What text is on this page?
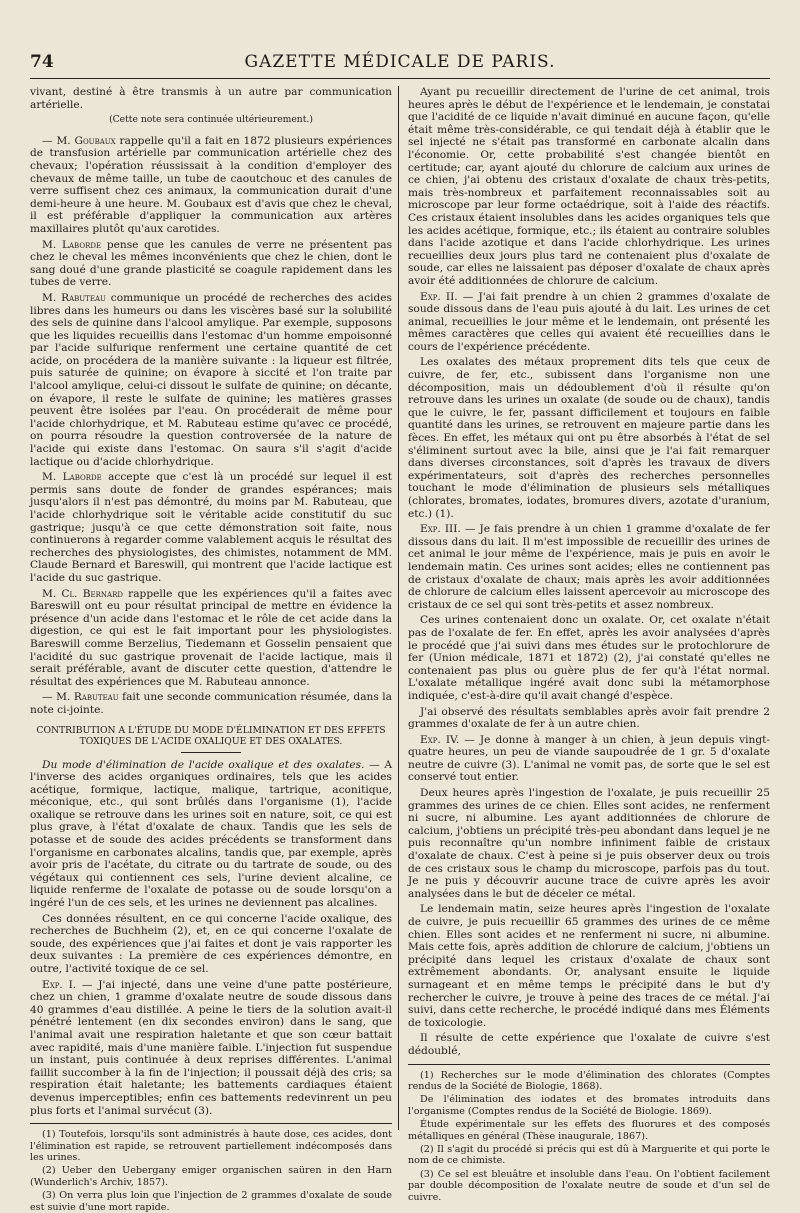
74	GAZETTE MÉDICALE DE PARIS.

vivant, destiné à être transmis à un autre par communication artérielle.

(Cette note sera continuée ultérieurement.)

— M. Goubaux rappelle qu'il a fait en 1872 plusieurs expériences de transfusion artérielle par communication artérielle chez des chevaux; l'opération réussissait à la condition d'employer des chevaux de même taille, un tube de caoutchouc et des canules de verre suffisent chez ces animaux, la communication durait d'une demi-heure à une heure. M. Goubaux est d'avis que chez le cheval, il est préférable d'appliquer la communication aux artères maxillaires plutôt qu'aux carotides.

M. Laborde pense que les canules de verre ne présentent pas chez le cheval les mêmes inconvénients que chez le chien, dont le sang doué d'une grande plasticité se coagule rapidement dans les tubes de verre.

M. Rabuteau communique un procédé de recherches des acides libres dans les humeurs ou dans les viscères basé sur la solubilité des sels de quinine dans l'alcool amylique. Par exemple, supposons que les liquides recueillis dans l'estomac d'un homme empoisonné par l'acide sulfurique renferment une certaine quantité de cet acide, on procédera de la manière suivante : la liqueur est filtrée, puis saturée de quinine; on évapore à siccité et l'on traite par l'alcool amylique, celui-ci dissout le sulfate de quinine; on décante, on évapore, il reste le sulfate de quinine; les matières grasses peuvent être isolées par l'eau. On procéderait de même pour l'acide chlorhydrique, et M. Rabuteau estime qu'avec ce procédé, on pourra résoudre la question controversée de la nature de l'acide qui existe dans l'estomac. On saura s'il s'agit d'acide lactique ou d'acide chlorhydrique.

M. Laborde accepte que c'est là un procédé sur lequel il est permis sans doute de fonder de grandes espérances; mais jusqu'alors il n'est pas démontré, du moins par M. Rabuteau, que l'acide chlorhydrique soit le véritable acide constitutif du suc gastrique; jusqu'à ce que cette démonstration soit faite, nous continuerons à regarder comme valablement acquis le résultat des recherches des physiologistes, des chimistes, notamment de MM. Claude Bernard et Bareswill, qui montrent que l'acide lactique est l'acide du suc gastrique.

M. Cl. Bernard rappelle que les expériences qu'il a faites avec Bareswill ont eu pour résultat principal de mettre en évidence la présence d'un acide dans l'estomac et le rôle de cet acide dans la digestion, ce qui est le fait important pour les physiologistes. Bareswill comme Berzelius, Tiedemann et Gosselin pensaient que l'acidité du suc gastrique provenait de l'acide lactique, mais il serait préférable, avant de discuter cette question, d'attendre le résultat des expériences que M. Rabuteau annonce.

— M. Rabuteau fait une seconde communication résumée, dans la note ci-jointe.

CONTRIBUTION A L'ÉTUDE DU MODE D'ÉLIMINATION ET DES EFFETS TOXIQUES DE L'ACIDE OXALIQUE ET DES OXALATES.

Du mode d'élimination de l'acide oxalique et des oxalates. — A l'inverse des acides organiques ordinaires, tels que les acides acétique, formique, lactique, malique, tartrique, aconitique, méconique, etc., qui sont brûlés dans l'organisme (1), l'acide oxalique se retrouve dans les urines soit en nature, soit, ce qui est plus grave, à l'état d'oxalate de chaux. Tandis que les sels de potasse et de soude des acides précédents se transforment dans l'organisme en carbonates alcalins, tandis que, par exemple, après avoir pris de l'acétate, du citrate ou du tartrate de soude, ou des végétaux qui contiennent ces sels, l'urine devient alcaline, ce liquide renferme de l'oxalate de potasse ou de soude lorsqu'on a ingéré l'un de ces sels, et les urines ne deviennent pas alcalines.

Ces données résultent, en ce qui concerne l'acide oxalique, des recherches de Buchheim (2), et, en ce qui concerne l'oxalate de soude, des expériences que j'ai faites et dont je vais rapporter les deux suivantes : La première de ces expériences démontre, en outre, l'activité toxique de ce sel.

Exp. I. — J'ai injecté, dans une veine d'une patte postérieure, chez un chien, 1 gramme d'oxalate neutre de soude dissous dans 40 grammes d'eau distillée. A peine le tiers de la solution avait-il pénétré lentement (en dix secondes environ) dans le sang, que l'animal avait une respiration haletante et que son cœur battait avec rapidité, mais d'une manière faible. L'injection fut suspendue un instant, puis continuée à deux reprises différentes. L'animal faillit succomber à la fin de l'injection; il poussait déjà des cris; sa respiration était haletante; les battements cardiaques étaient devenus imperceptibles; enfin ces battements redevinrent un peu plus forts et l'animal survécut (3).

(1) Toutefois, lorsqu'ils sont administrés à haute dose, ces acides, dont l'élimination est rapide, se retrouvent partiellement indécomposés dans les urines.

(2) Ueber den Uebergany emiger organischen saüren in den Harn (Wunderlich's Archiv, 1857).

(3) On verra plus loin que l'injection de 2 grammes d'oxalate de soude est suivie d'une mort rapide.

Ayant pu recueillir directement de l'urine de cet animal, trois heures après le début de l'expérience et le lendemain, je constatai que l'acidité de ce liquide n'avait diminué en aucune façon, qu'elle était même très-considérable, ce qui tendait déjà à établir que le sel injecté ne s'était pas transformé en carbonate alcalin dans l'économie. Or, cette probabilité s'est changée bientôt en certitude; car, ayant ajouté du chlorure de calcium aux urines de ce chien, j'ai obtenu des cristaux d'oxalate de chaux très-petits, mais très-nombreux et parfaitement reconnaissables soit au microscope par leur forme octaédrique, soit à l'aide des réactifs. Ces cristaux étaient insolubles dans les acides organiques tels que les acides acétique, formique, etc.; ils étaient au contraire solubles dans l'acide azotique et dans l'acide chlorhydrique. Les urines recueillies deux jours plus tard ne contenaient plus d'oxalate de soude, car elles ne laissaient pas déposer d'oxalate de chaux après avoir été additionnées de chlorure de calcium.

Exp. II. — J'ai fait prendre à un chien 2 grammes d'oxalate de soude dissous dans de l'eau puis ajouté à du lait. Les urines de cet animal, recueillies le jour même et le lendemain, ont présenté les mêmes caractères que celles qui avaient été recueillies dans le cours de l'expérience précédente.

Les oxalates des métaux proprement dits tels que ceux de cuivre, de fer, etc., subissent dans l'organisme non une décomposition, mais un dédoublement d'où il résulte qu'on retrouve dans les urines un oxalate (de soude ou de chaux), tandis que le cuivre, le fer, passant difficilement et toujours en faible quantité dans les urines, se retrouvent en majeure partie dans les fèces. En effet, les métaux qui ont pu être absorbés à l'état de sel s'éliminent surtout avec la bile, ainsi que je l'ai fait remarquer dans diverses circonstances, soit d'après les travaux de divers expérimentateurs, soit d'après des recherches personnelles touchant le mode d'élimination de plusieurs sels métalliques (chlorates, bromates, iodates, bromures divers, azotate d'uranium, etc.) (1).

Exp. III. — Je fais prendre à un chien 1 gramme d'oxalate de fer dissous dans du lait. Il m'est impossible de recueillir des urines de cet animal le jour même de l'expérience, mais je puis en avoir le lendemain matin. Ces urines sont acides; elles ne contiennent pas de cristaux d'oxalate de chaux; mais après les avoir additionnées de chlorure de calcium elles laissent apercevoir au microscope des cristaux de ce sel qui sont très-petits et assez nombreux.

Ces urines contenaient donc un oxalate. Or, cet oxalate n'était pas de l'oxalate de fer. En effet, après les avoir analysées d'après le procédé que j'ai suivi dans mes études sur le protochlorure de fer (Union médicale, 1871 et 1872) (2), j'ai constaté qu'elles ne contenaient pas plus ou guère plus de fer qu'à l'état normal. L'oxalate métallique ingéré avait donc subi la métamorphose indiquée, c'est-à-dire qu'il avait changé d'espèce.

J'ai observé des résultats semblables après avoir fait prendre 2 grammes d'oxalate de fer à un autre chien.

Exp. IV. — Je donne à manger à un chien, à jeun depuis vingt-quatre heures, un peu de viande saupoudrée de 1 gr. 5 d'oxalate neutre de cuivre (3). L'animal ne vomit pas, de sorte que le sel est conservé tout entier.

Deux heures après l'ingestion de l'oxalate, je puis recueillir 25 grammes des urines de ce chien. Elles sont acides, ne renferment ni sucre, ni albumine. Les ayant additionnées de chlorure de calcium, j'obtiens un précipité très-peu abondant dans lequel je ne puis reconnaître qu'un nombre infiniment faible de cristaux d'oxalate de chaux. C'est à peine si je puis observer deux ou trois de ces cristaux sous le champ du microscope, parfois pas du tout. Je ne puis y découvrir aucune trace de cuivre après les avoir analysées dans le but de déceler ce métal.

Le lendemain matin, seize heures après l'ingestion de l'oxalate de cuivre, je puis recueillir 65 grammes des urines de ce même chien. Elles sont acides et ne renferment ni sucre, ni albumine. Mais cette fois, après addition de chlorure de calcium, j'obtiens un précipité dans lequel les cristaux d'oxalate de chaux sont extrêmement abondants. Or, analysant ensuite le liquide surnageant et en même temps le précipité dans le but d'y rechercher le cuivre, je trouve à peine des traces de ce métal. J'ai suivi, dans cette recherche, le procédé indiqué dans mes Éléments de toxicologie.

Il résulte de cette expérience que l'oxalate de cuivre s'est dédoublé,

(1) Recherches sur le mode d'élimination des chlorates (Comptes rendus de la Société de Biologie, 1868).

De l'élimination des iodates et des bromates introduits dans l'organisme (Comptes rendus de la Société de Biologie. 1869).

Étude expérimentale sur les effets des fluorures et des composés métalliques en général (Thèse inaugurale, 1867).

(2) Il s'agit du procédé si précis qui est dû à Marguerite et qui porte le nom de ce chimiste.

(3) Ce sel est bleuâtre et insoluble dans l'eau. On l'obtient facilement par double décomposition de l'oxalate neutre de soude et d'un sel de cuivre.
